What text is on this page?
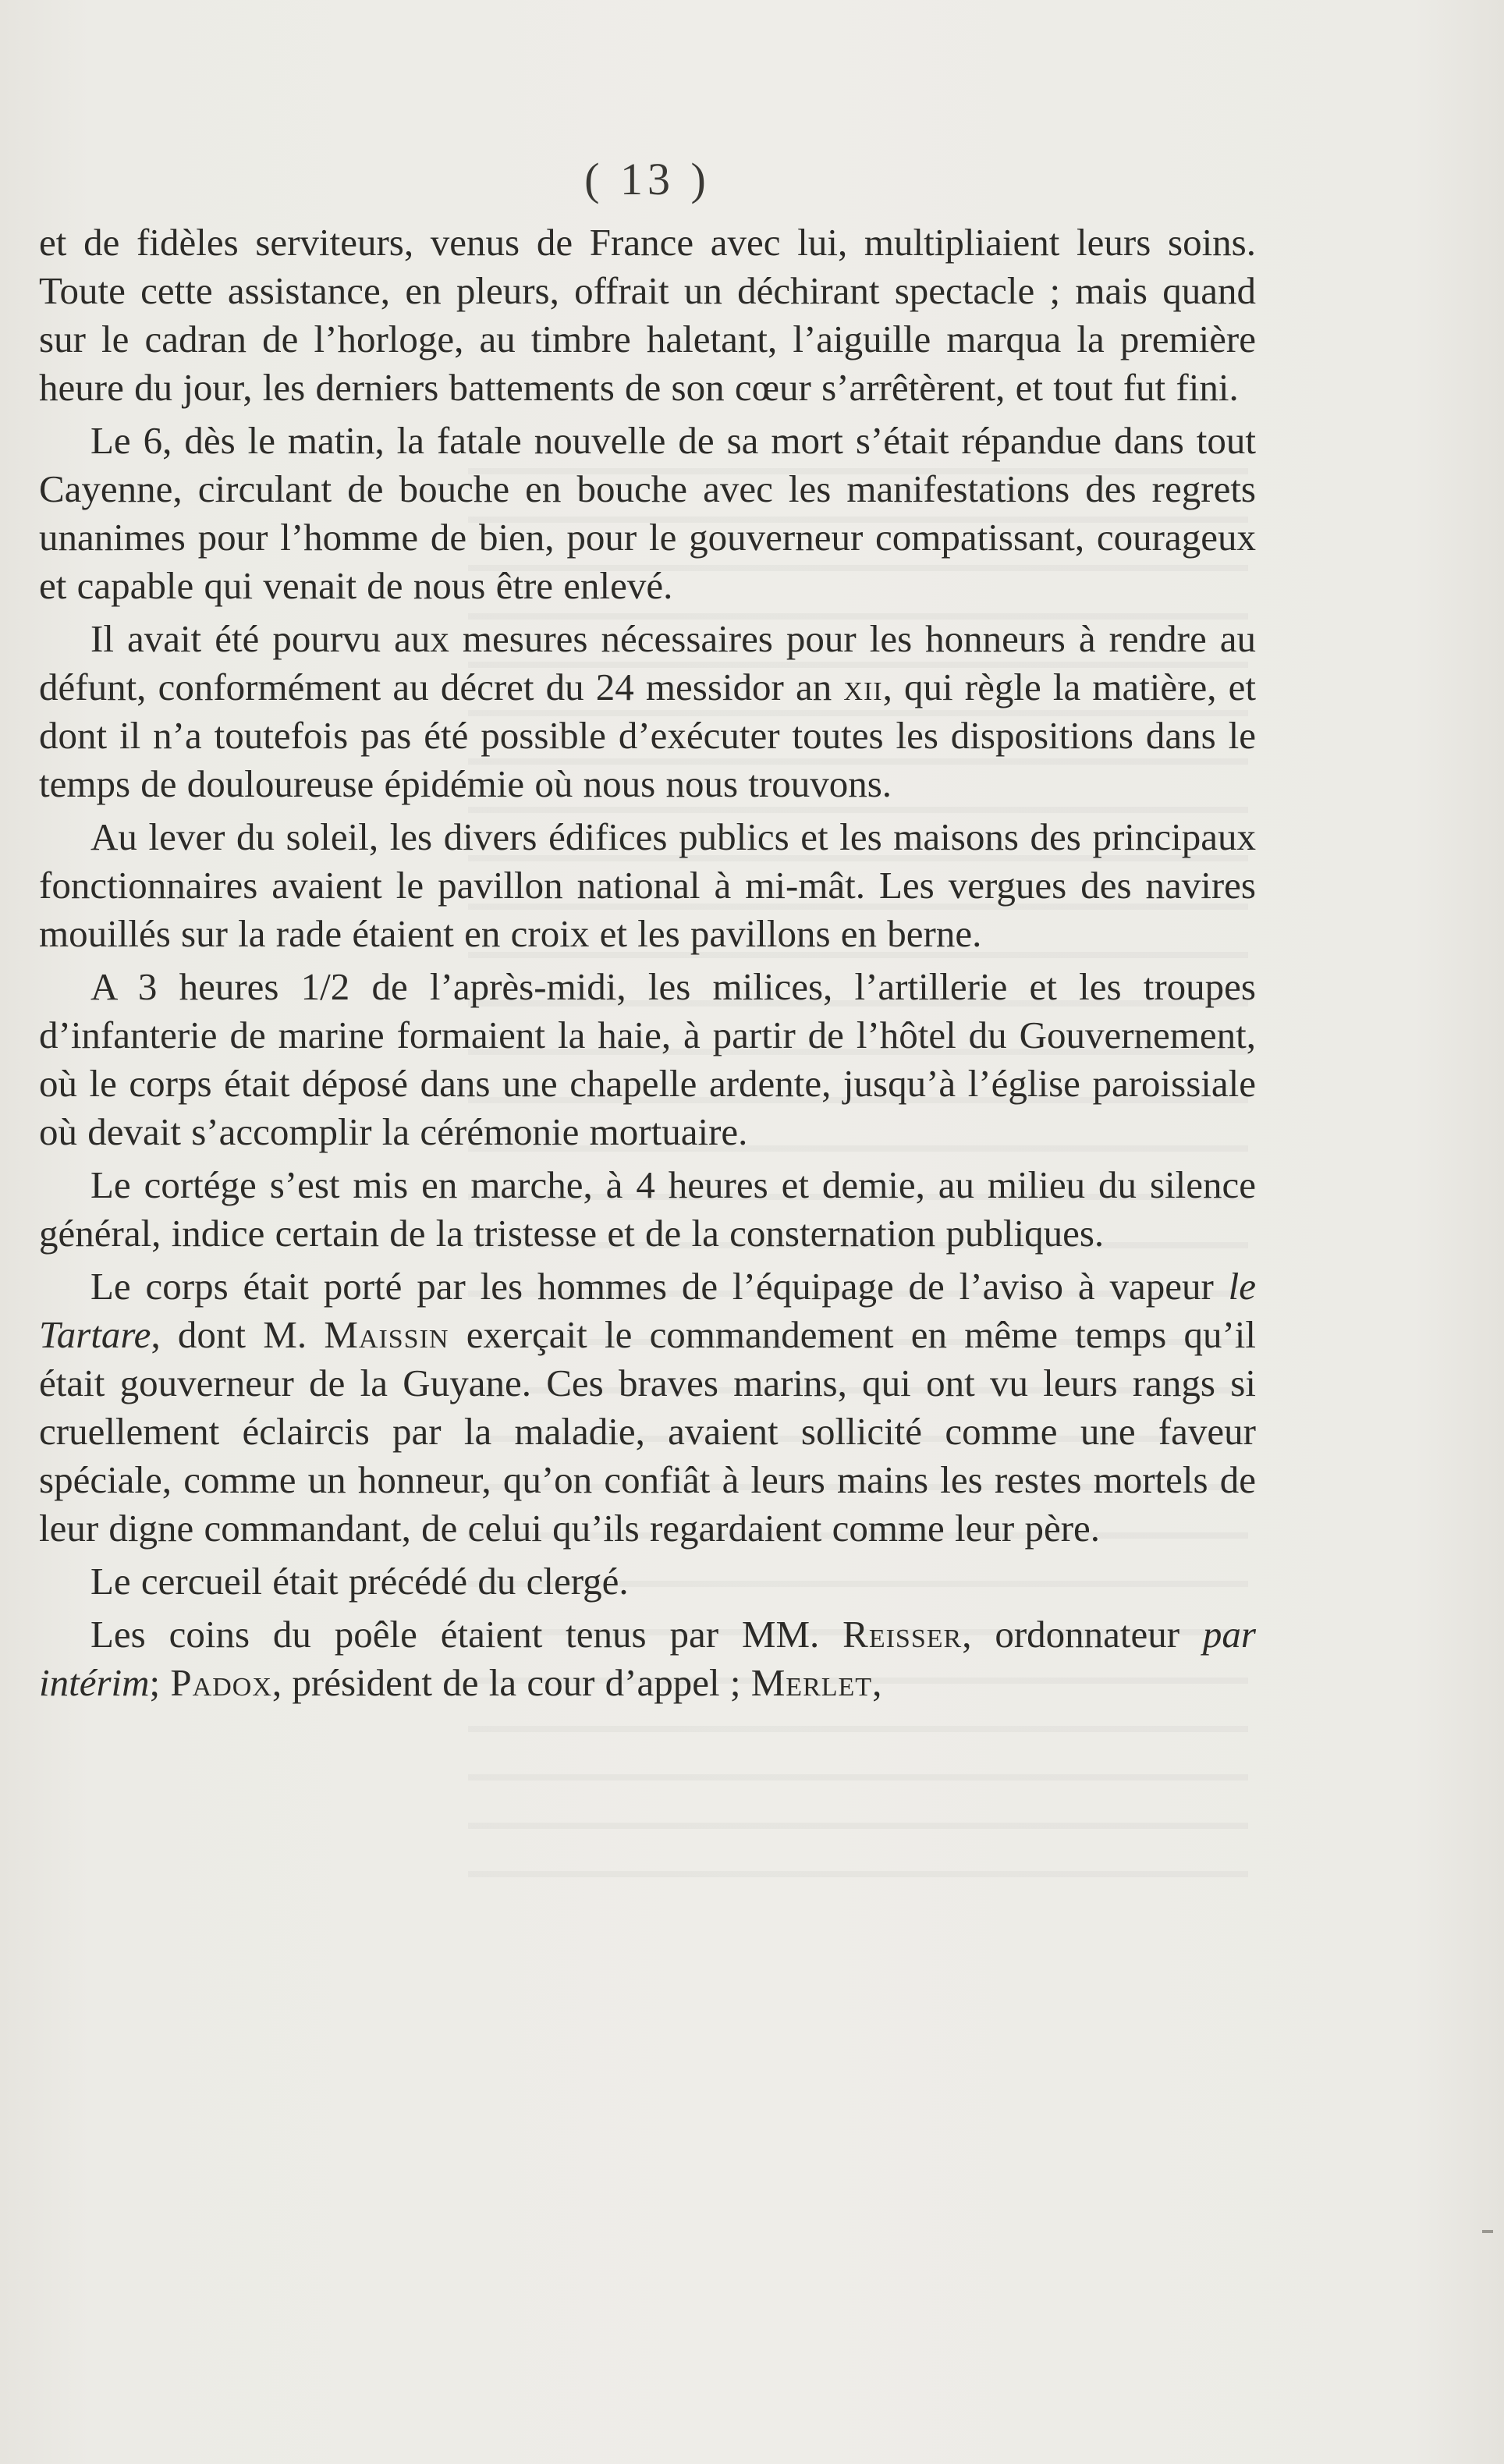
( 13 )

et de fidèles serviteurs, venus de France avec lui, multipliaient leurs soins. Toute cette assistance, en pleurs, offrait un déchirant spectacle ; mais quand sur le cadran de l’horloge, au timbre haletant, l’aiguille marqua la première heure du jour, les derniers battements de son cœur s’arrêtèrent, et tout fut fini.

Le 6, dès le matin, la fatale nouvelle de sa mort s’était répandue dans tout Cayenne, circulant de bouche en bouche avec les manifestations des regrets unanimes pour l’homme de bien, pour le gouverneur compatissant, courageux et capable qui venait de nous être enlevé.

Il avait été pourvu aux mesures nécessaires pour les honneurs à rendre au défunt, conformément au décret du 24 messidor an xii, qui règle la matière, et dont il n’a toutefois pas été possible d’exécuter toutes les dispositions dans le temps de douloureuse épidémie où nous nous trouvons.

Au lever du soleil, les divers édifices publics et les maisons des principaux fonctionnaires avaient le pavillon national à mi-mât. Les vergues des navires mouillés sur la rade étaient en croix et les pavillons en berne.

A 3 heures 1/2 de l’après-midi, les milices, l’artillerie et les troupes d’infanterie de marine formaient la haie, à partir de l’hôtel du Gouvernement, où le corps était déposé dans une chapelle ardente, jusqu’à l’église paroissiale où devait s’accomplir la cérémonie mortuaire.

Le cortége s’est mis en marche, à 4 heures et demie, au milieu du silence général, indice certain de la tristesse et de la consternation publiques.

Le corps était porté par les hommes de l’équipage de l’aviso à vapeur le Tartare, dont M. Maissin exerçait le commandement en même temps qu’il était gouverneur de la Guyane. Ces braves marins, qui ont vu leurs rangs si cruellement éclaircis par la maladie, avaient sollicité comme une faveur spéciale, comme un honneur, qu’on confiât à leurs mains les restes mortels de leur digne commandant, de celui qu’ils regardaient comme leur père.

Le cercueil était précédé du clergé.

Les coins du poêle étaient tenus par MM. Reisser, ordonnateur par intérim; Padox, président de la cour d’appel ; Merlet,
